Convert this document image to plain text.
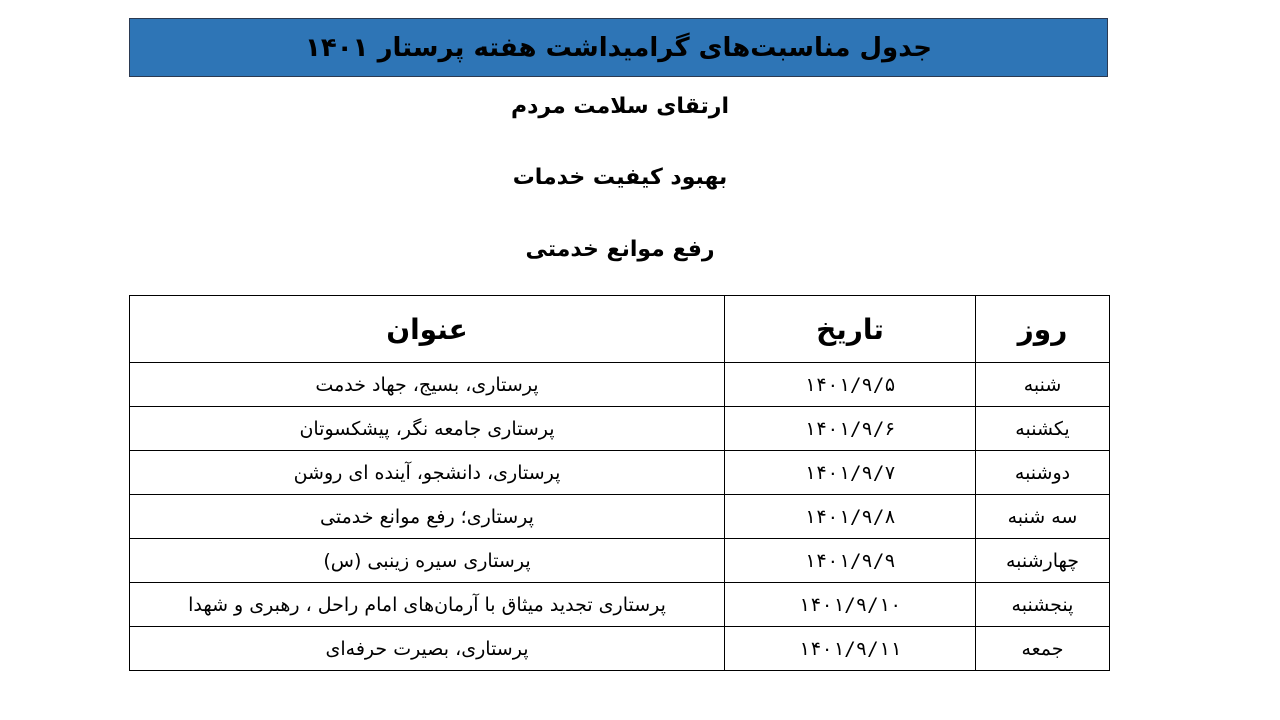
جدول مناسبت‌های گرامیداشت هفته پرستار ۱۴۰۱
ارتقای سلامت مردم
بهبود کیفیت خدمات
رفع موانع خدمتی
روز	تاریخ	عنوان
شنبه	۱۴۰۱/۹/۵	پرستاری، بسیج، جهاد خدمت
یکشنبه	۱۴۰۱/۹/۶	پرستاری جامعه نگر، پیشکسوتان
دوشنبه	۱۴۰۱/۹/۷	پرستاری، دانشجو، آینده ای روشن
سه شنبه	۱۴۰۱/۹/۸	پرستاری؛ رفع موانع خدمتی
چهارشنبه	۱۴۰۱/۹/۹	پرستاری سیره زینبی (س)
پنجشنبه	۱۴۰۱/۹/۱۰	پرستاری تجدید میثاق با آرمان‌های امام راحل ، رهبری و شهدا
جمعه	۱۴۰۱/۹/۱۱	پرستاری، بصیرت حرفه‌ای
